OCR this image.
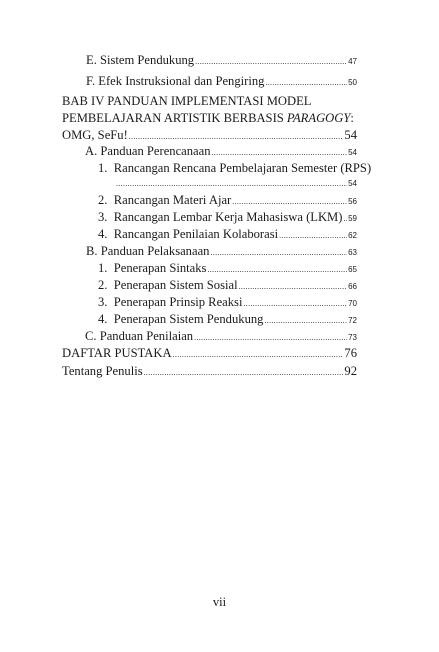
E. Sistem Pendukung .....	47
F. Efek Instruksional dan Pengiring .....	50
BAB IV PANDUAN IMPLEMENTASI MODEL
PEMBELAJARAN ARTISTIK BERBASIS PARAGOGY:
OMG, SeFu! .....	54
A. Panduan Perencanaan .....	54
1. Rancangan Rencana Pembelajaran Semester (RPS)
.....
54
2.
Rancangan Materi Ajar .....	56
3.
Rancangan Lembar Kerja Mahasiswa (LKM) ..... 59
4.
Rancangan Penilaian Kolaborasi .....	62
B. Panduan Pelaksanaan .....	63
1.
Penerapan Sintaks .....	65
2.
Penerapan Sistem Sosial .....	66
3.
Penerapan Prinsip Reaksi .....	70
4.
Penerapan Sistem Pendukung .....	72
C. Panduan Penilaian .....	73
DAFTAR PUSTAKA .....	76
Tentang Penulis .....	92
vii
